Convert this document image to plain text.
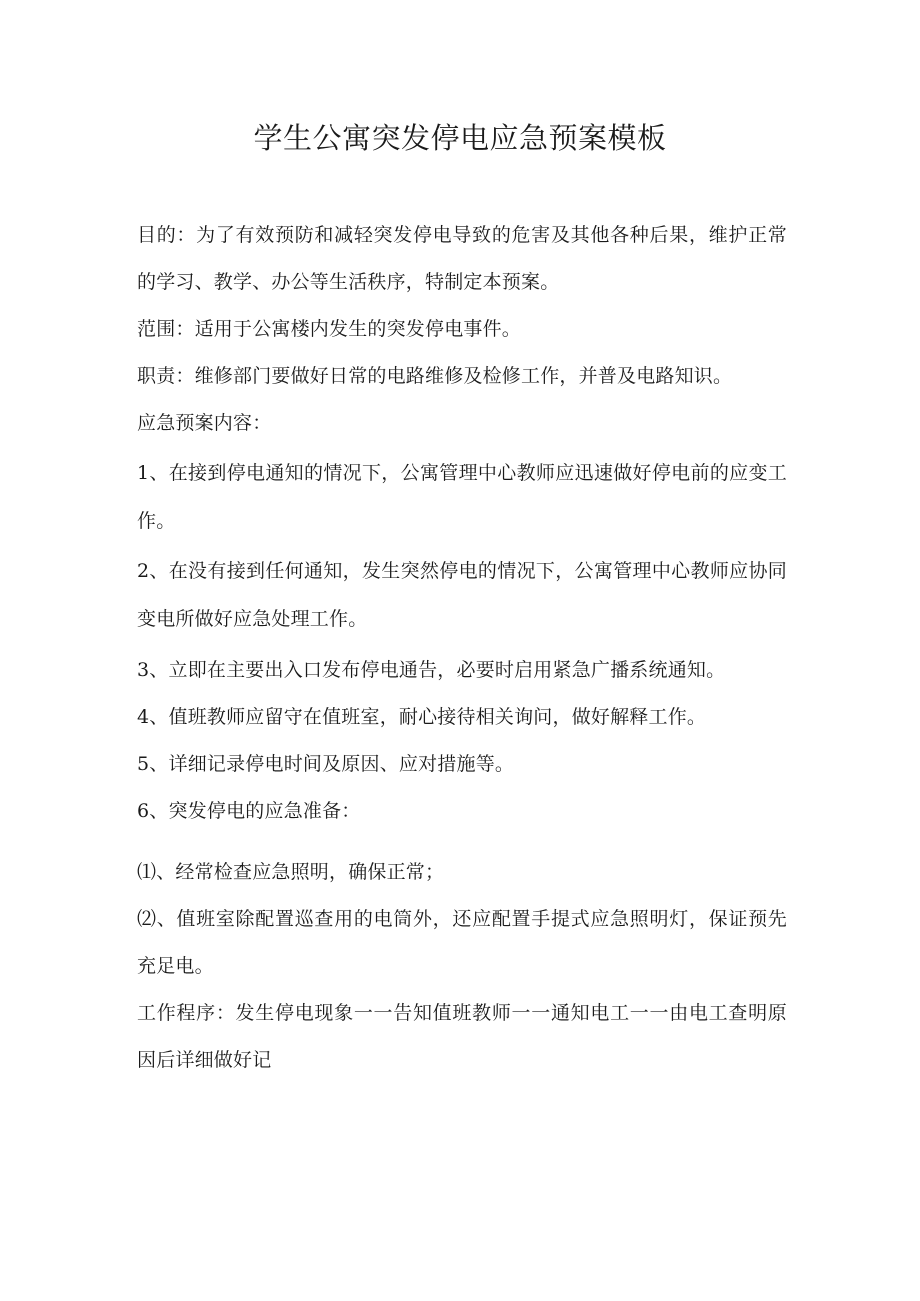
学生公寓突发停电应急预案模板

目的：为了有效预防和减轻突发停电导致的危害及其他各种后果，维护正常的学习、教学、办公等生活秩序，特制定本预案。

范围：适用于公寓楼内发生的突发停电事件。

职责：维修部门要做好日常的电路维修及检修工作，并普及电路知识。

应急预案内容：

1、在接到停电通知的情况下，公寓管理中心教师应迅速做好停电前的应变工作。

2、在没有接到任何通知，发生突然停电的情况下，公寓管理中心教师应协同变电所做好应急处理工作。

3、立即在主要出入口发布停电通告，必要时启用紧急广播系统通知。

4、值班教师应留守在值班室，耐心接待相关询问，做好解释工作。

5、详细记录停电时间及原因、应对措施等。

6、突发停电的应急准备：

⑴、经常检查应急照明，确保正常；

⑵、值班室除配置巡查用的电筒外，还应配置手提式应急照明灯，保证预先充足电。

工作程序：发生停电现象一一告知值班教师一一通知电工一一由电工查明原因后详细做好记
